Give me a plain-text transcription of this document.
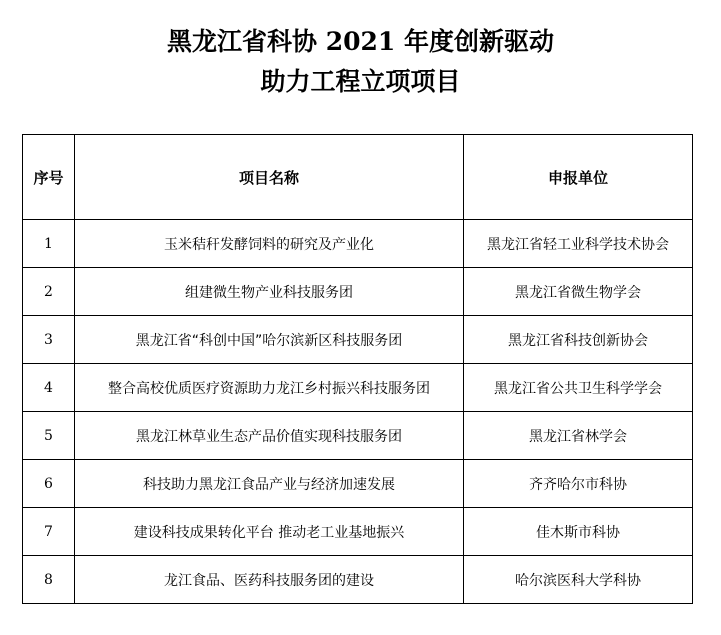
黑龙江省科协 2021 年度创新驱动
助力工程立项项目
序号	项目名称	申报单位
1	玉米秸秆发酵饲料的研究及产业化	黑龙江省轻工业科学技术协会
2	组建微生物产业科技服务团	黑龙江省微生物学会
3	黑龙江省“科创中国”哈尔滨新区科技服务团	黑龙江省科技创新协会
4	整合高校优质医疗资源助力龙江乡村振兴科技服务团	黑龙江省公共卫生科学学会
5	黑龙江林草业生态产品价值实现科技服务团	黑龙江省林学会
6	科技助力黑龙江食品产业与经济加速发展	齐齐哈尔市科协
7	建设科技成果转化平台 推动老工业基地振兴	佳木斯市科协
8	龙江食品、医药科技服务团的建设	哈尔滨医科大学科协
